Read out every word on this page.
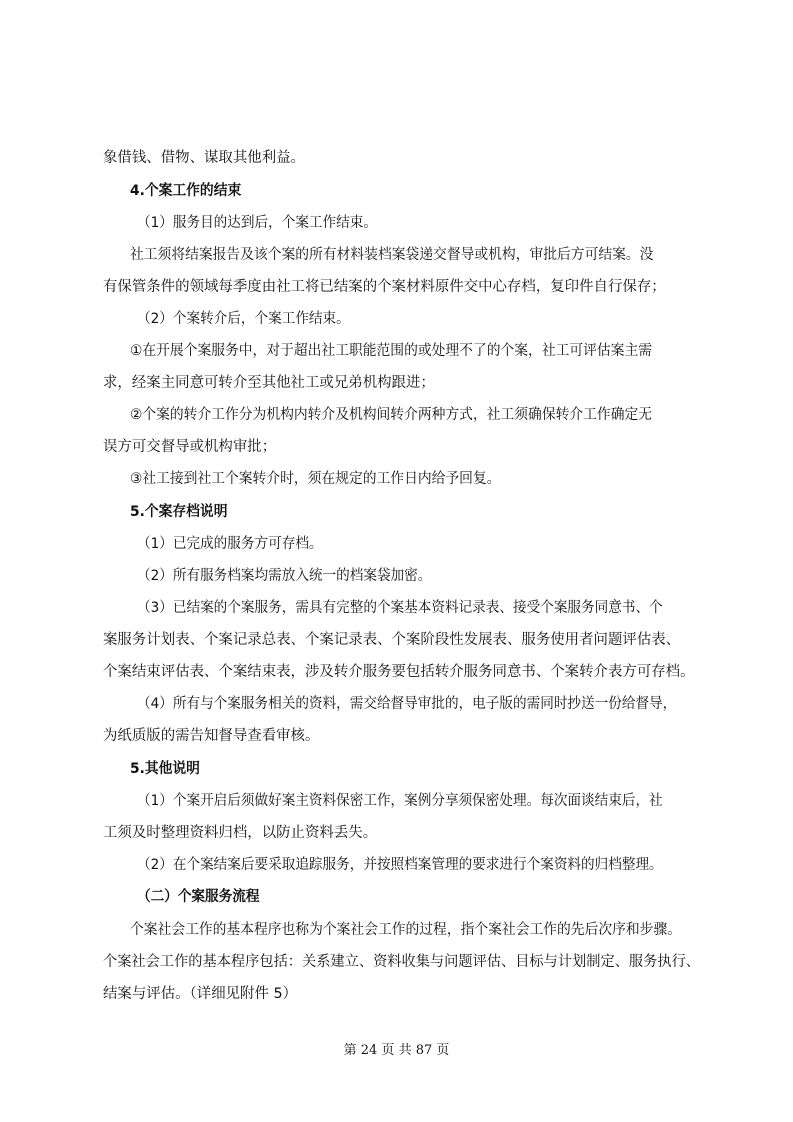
象借钱、借物、谋取其他利益。
4.个案工作的结束
（1）服务目的达到后，个案工作结束。
社工须将结案报告及该个案的所有材料装档案袋递交督导或机构，审批后方可结案。没
有保管条件的领域每季度由社工将已结案的个案材料原件交中心存档，复印件自行保存；
（2）个案转介后，个案工作结束。
①在开展个案服务中，对于超出社工职能范围的或处理不了的个案，社工可评估案主需
求，经案主同意可转介至其他社工或兄弟机构跟进；
②个案的转介工作分为机构内转介及机构间转介两种方式，社工须确保转介工作确定无
误方可交督导或机构审批；
③社工接到社工个案转介时，须在规定的工作日内给予回复。
5.个案存档说明
（1）已完成的服务方可存档。
（2）所有服务档案均需放入统一的档案袋加密。
（3）已结案的个案服务，需具有完整的个案基本资料记录表、接受个案服务同意书、个
案服务计划表、个案记录总表、个案记录表、个案阶段性发展表、服务使用者问题评估表、
个案结束评估表、个案结束表，涉及转介服务要包括转介服务同意书、个案转介表方可存档。
（4）所有与个案服务相关的资料，需交给督导审批的，电子版的需同时抄送一份给督导，
为纸质版的需告知督导查看审核。
5.其他说明
（1）个案开启后须做好案主资料保密工作，案例分享须保密处理。每次面谈结束后，社
工须及时整理资料归档，以防止资料丢失。
（2）在个案结案后要采取追踪服务，并按照档案管理的要求进行个案资料的归档整理。
（二）个案服务流程
个案社会工作的基本程序也称为个案社会工作的过程，指个案社会工作的先后次序和步骤。
个案社会工作的基本程序包括：关系建立、资料收集与问题评估、目标与计划制定、服务执行、
结案与评估。（详细见附件 5）
第 24 页 共 87 页
